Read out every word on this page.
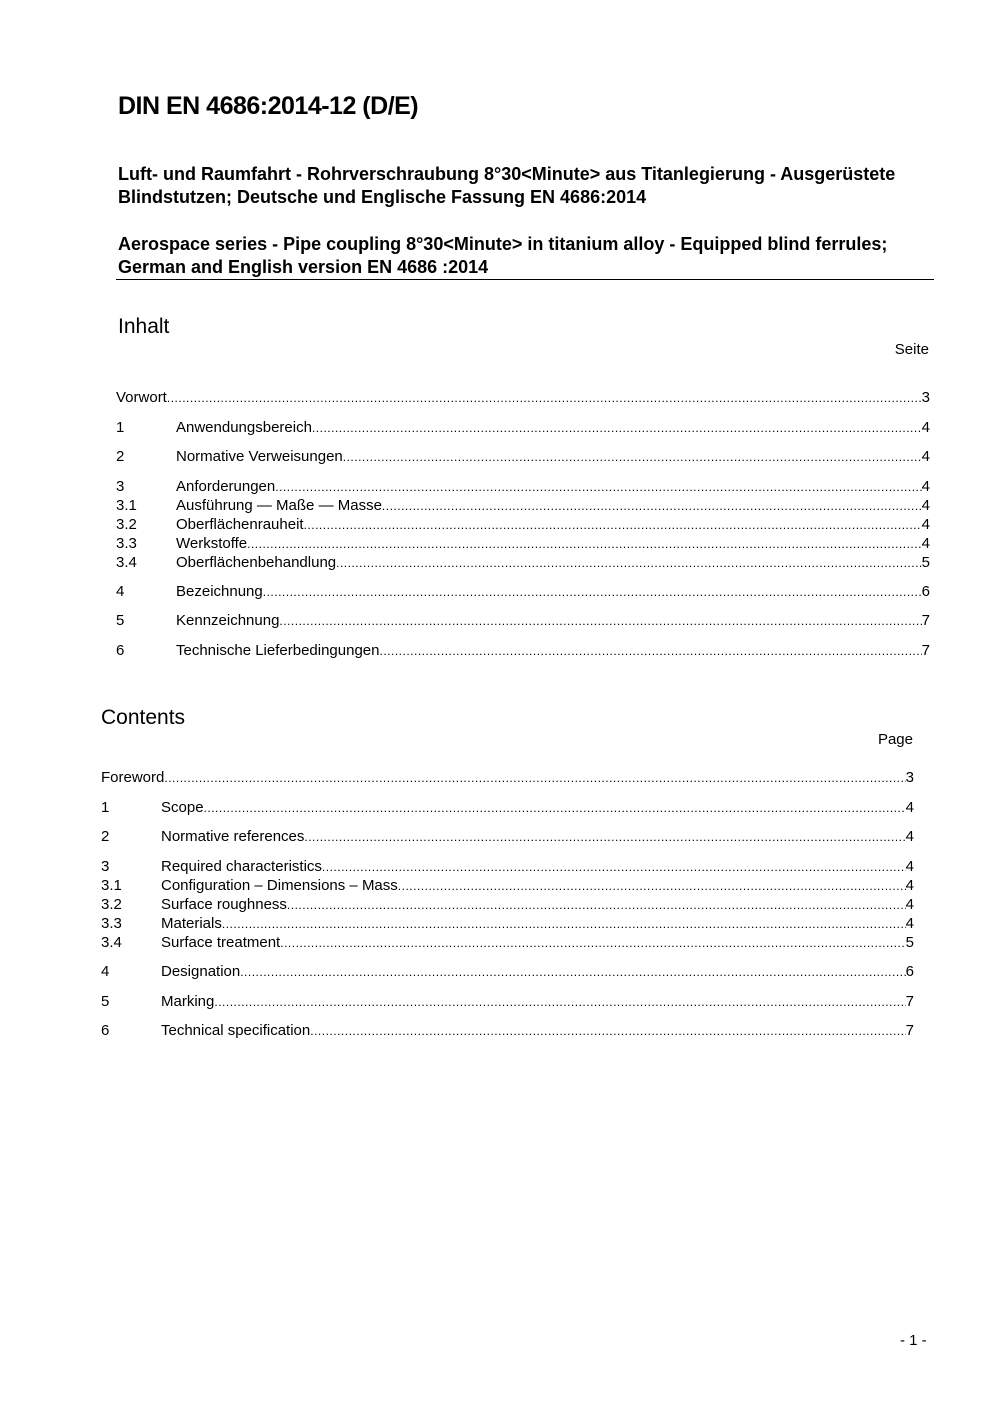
DIN EN 4686:2014-12 (D/E)

Luft- und Raumfahrt - Rohrverschraubung 8°30<Minute> aus Titanlegierung - Ausgerüstete Blindstutzen; Deutsche und Englische Fassung EN 4686:2014

Aerospace series - Pipe coupling 8°30<Minute> in titanium alloy - Equipped blind ferrules; German and English version EN 4686 :2014

Inhalt
Seite
Vorwort .....	3
1	Anwendungsbereich .....	4
2	Normative Verweisungen .....	4
3	Anforderungen .....	4
3.1	Ausführung — Maße — Masse .....	4
3.2	Oberflächenrauheit .....	4
3.3	Werkstoffe .....	4
3.4	Oberflächenbehandlung .....	5
4	Bezeichnung .....	6
5	Kennzeichnung .....	7
6	Technische Lieferbedingungen .....	7
Contents
Page
Foreword .....	3
1	Scope .....	4
2	Normative references .....	4
3	Required characteristics .....	4
3.1	Configuration – Dimensions – Mass .....	4
3.2	Surface roughness .....	4
3.3	Materials .....	4
3.4	Surface treatment .....	5
4	Designation .....	6
5	Marking .....	7
6	Technical specification .....	7
- 1 -
